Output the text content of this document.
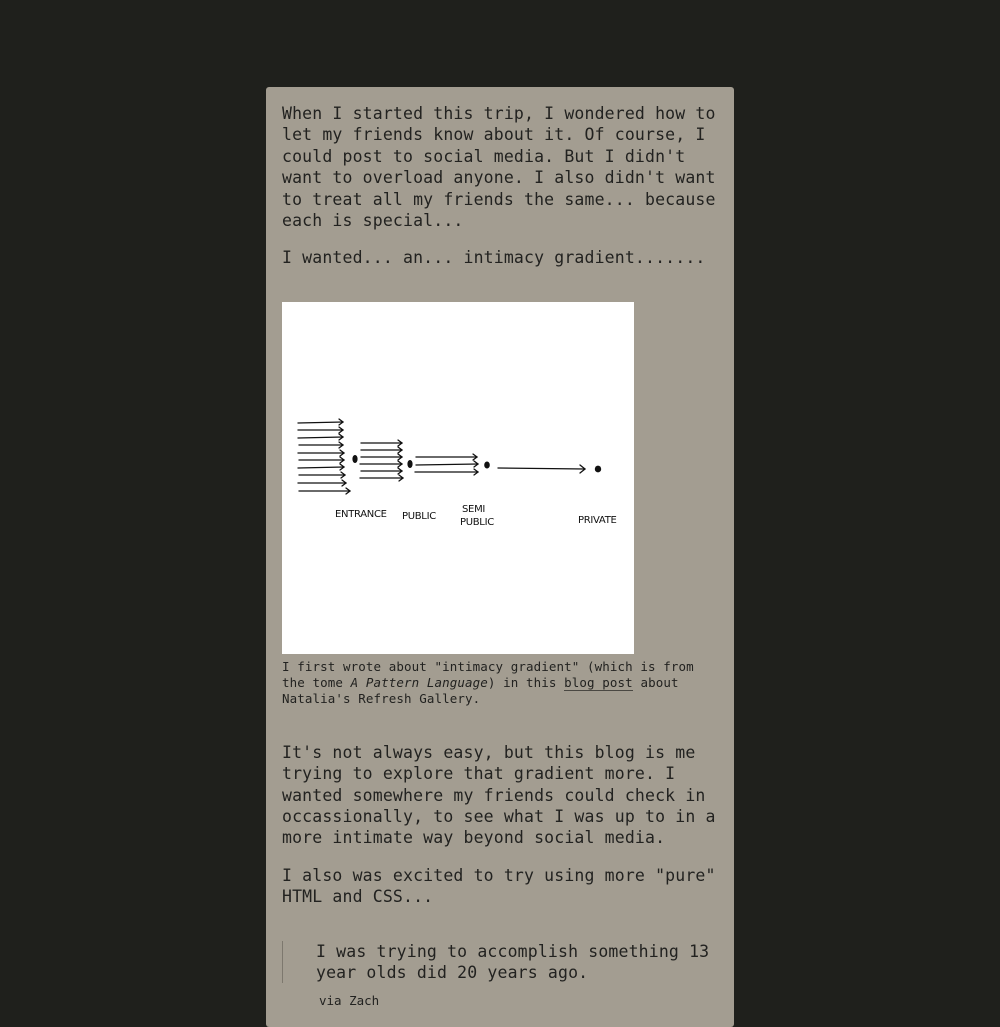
When I started this trip, I wondered how to let my friends know about it. Of course, I could post to social media. But I didn't want to overload anyone. I also didn't want to treat all my friends the same... because each is special...

I wanted... an... intimacy gradient.......

ENTRANCE PUBLIC
SEMI
PUBLIC	PRIVATE

I first wrote about "intimacy gradient" (which is from the tome A Pattern Language) in this blog post about Natalia's Refresh Gallery.

It's not always easy, but this blog is me trying to explore that gradient more. I wanted somewhere my friends could check in occassionally, to see what I was up to in a more intimate way beyond social media.

I also was excited to try using more "pure" HTML and CSS...

I was trying to accomplish something 13 year olds did 20 years ago.
via Zach
